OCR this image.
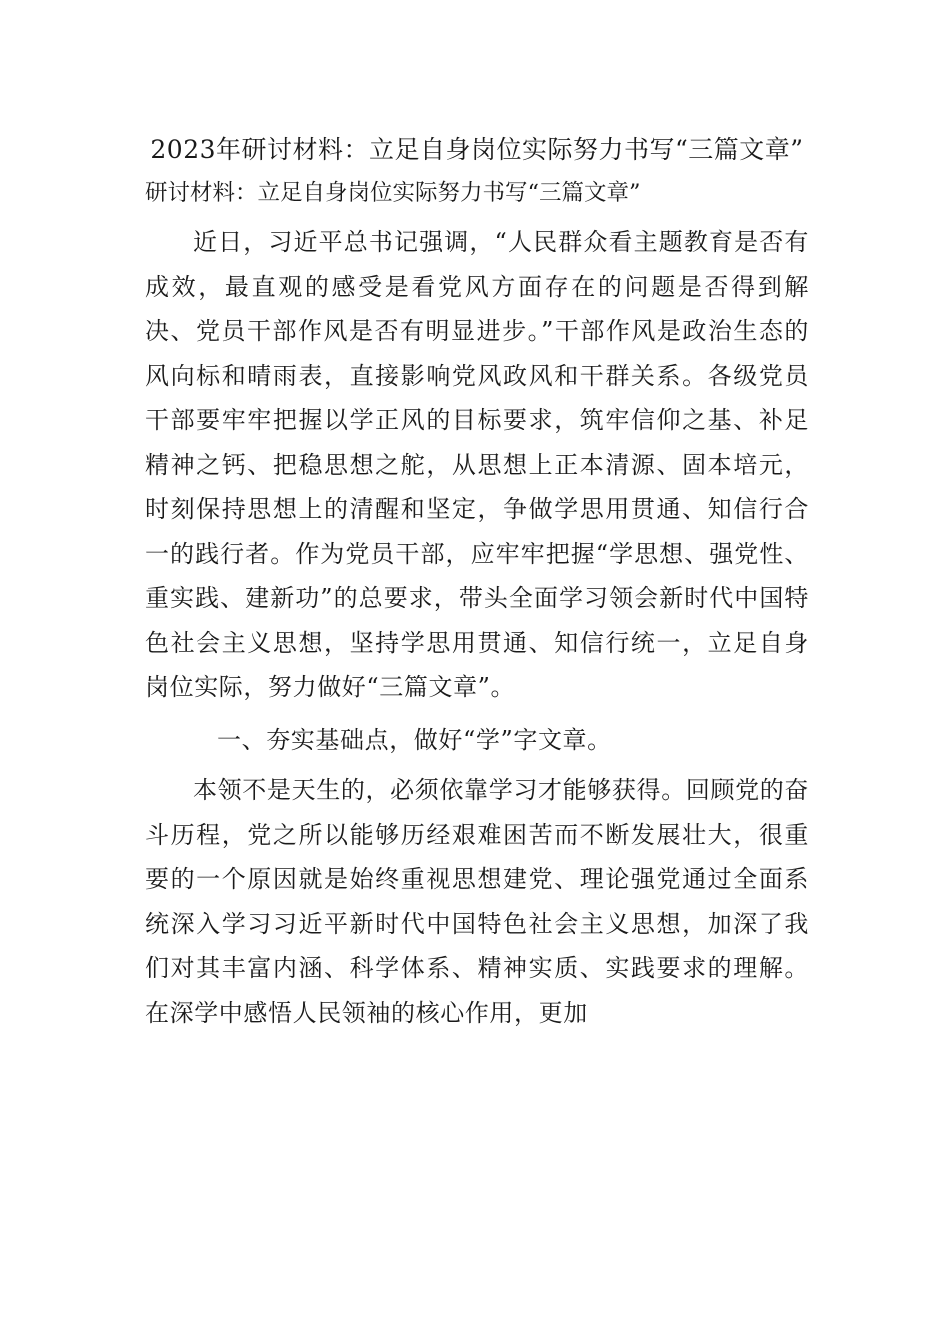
2023年研讨材料：立足自身岗位实际努力书写“三篇文章”

研讨材料：立足自身岗位实际努力书写“三篇文章”

近日，习近平总书记强调，“人民群众看主题教育是否有成效，最直观的感受是看党风方面存在的问题是否得到解决、党员干部作风是否有明显进步。”干部作风是政治生态的风向标和晴雨表，直接影响党风政风和干群关系。各级党员干部要牢牢把握以学正风的目标要求，筑牢信仰之基、补足精神之钙、把稳思想之舵，从思想上正本清源、固本培元，时刻保持思想上的清醒和坚定，争做学思用贯通、知信行合一的践行者。作为党员干部，应牢牢把握“学思想、强党性、重实践、建新功”的总要求，带头全面学习领会新时代中国特色社会主义思想，坚持学思用贯通、知信行统一，立足自身岗位实际，努力做好“三篇文章”。

一、夯实基础点，做好“学”字文章。

本领不是天生的，必须依靠学习才能够获得。回顾党的奋斗历程，党之所以能够历经艰难困苦而不断发展壮大，很重要的一个原因就是始终重视思想建党、理论强党通过全面系统深入学习习近平新时代中国特色社会主义思想，加深了我们对其丰富内涵、科学体系、精神实质、实践要求的理解。在深学中感悟人民领袖的核心作用，更加
